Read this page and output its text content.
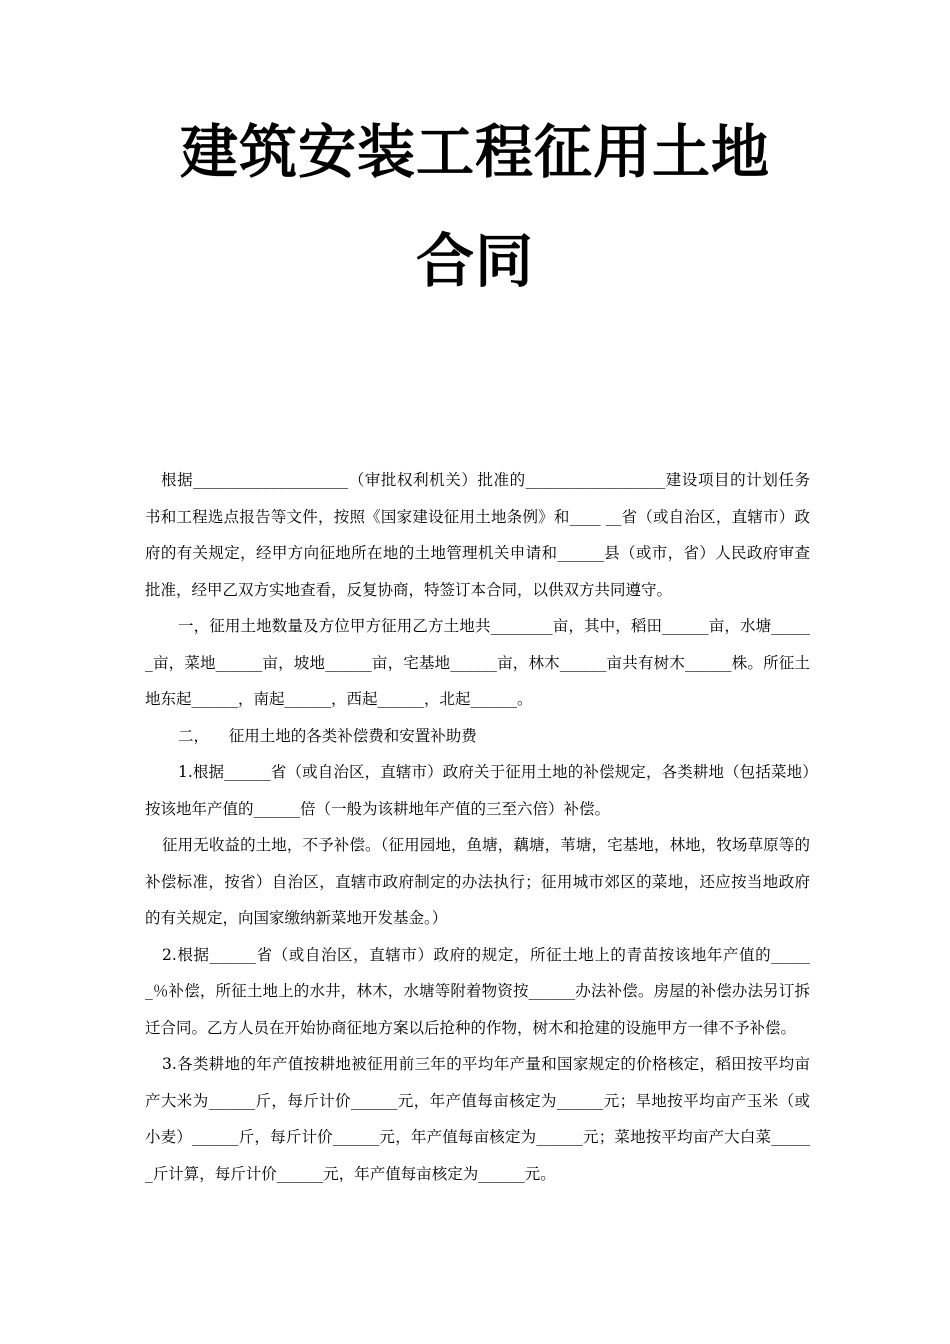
建筑安装工程征用土地
合同

根据____________________（审批权利机关）批准的__________________建设项目的计划任务书和工程选点报告等文件，按照《国家建设征用土地条例》和____ __省（或自治区，直辖市）政府的有关规定，经甲方向征地所在地的土地管理机关申请和______县（或市，省）人民政府审查批准，经甲乙双方实地查看，反复协商，特签订本合同，以供双方共同遵守。

一，征用土地数量及方位甲方征用乙方土地共________亩，其中，稻田______亩，水塘______亩，菜地______亩，坡地______亩，宅基地______亩，林木______亩共有树木______株。所征土地东起______，南起______，西起______，北起______。

二，    征用土地的各类补偿费和安置补助费

1.根据______省（或自治区，直辖市）政府关于征用土地的补偿规定，各类耕地（包括菜地）按该地年产值的______倍（一般为该耕地年产值的三至六倍）补偿。

征用无收益的土地，不予补偿。（征用园地，鱼塘，藕塘，苇塘，宅基地，林地，牧场草原等的补偿标准，按省）自治区，直辖市政府制定的办法执行；征用城市郊区的菜地，还应按当地政府的有关规定，向国家缴纳新菜地开发基金。）

2.根据______省（或自治区，直辖市）政府的规定，所征土地上的青苗按该地年产值的______％补偿，所征土地上的水井，林木，水塘等附着物资按______办法补偿。房屋的补偿办法另订拆迁合同。乙方人员在开始协商征地方案以后抢种的作物，树木和抢建的设施甲方一律不予补偿。

3.各类耕地的年产值按耕地被征用前三年的平均年产量和国家规定的价格核定，稻田按平均亩产大米为______斤，每斤计价______元，年产值每亩核定为______元；旱地按平均亩产玉米（或小麦）______斤，每斤计价______元，年产值每亩核定为______元；菜地按平均亩产大白菜______斤计算，每斤计价______元，年产值每亩核定为______元。
